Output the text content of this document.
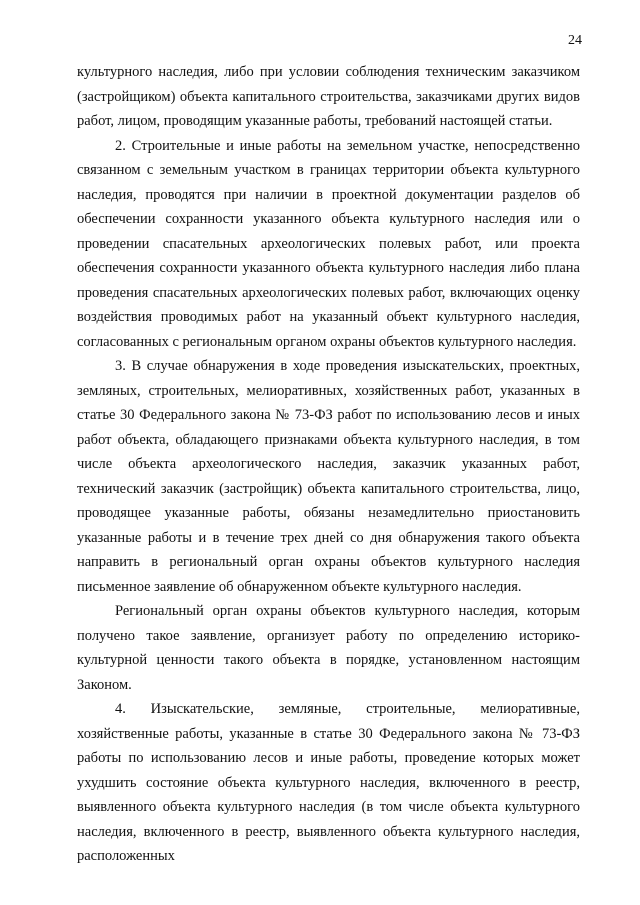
24

культурного наследия, либо при условии соблюдения техническим заказчиком (застройщиком) объекта капитального строительства, заказчиками других видов работ, лицом, проводящим указанные работы, требований настоящей статьи.

2. Строительные и иные работы на земельном участке, непосредственно связанном с земельным участком в границах территории объекта культурного наследия, проводятся при наличии в проектной документации разделов об обеспечении сохранности указанного объекта культурного наследия или о проведении спасательных археологических полевых работ, или проекта обеспечения сохранности указанного объекта культурного наследия либо плана проведения спасательных археологических полевых работ, включающих оценку воздействия проводимых работ на указанный объект культурного наследия, согласованных с региональным органом охраны объектов культурного наследия.

3. В случае обнаружения в ходе проведения изыскательских, проектных, земляных, строительных, мелиоративных, хозяйственных работ, указанных в статье 30 Федерального закона № 73-ФЗ работ по использованию лесов и иных работ объекта, обладающего признаками объекта культурного наследия, в том числе объекта археологического наследия, заказчик указанных работ, технический заказчик (застройщик) объекта капитального строительства, лицо, проводящее указанные работы, обязаны незамедлительно приостановить указанные работы и в течение трех дней со дня обнаружения такого объекта направить в региональный орган охраны объектов культурного наследия письменное заявление об обнаруженном объекте культурного наследия.

Региональный орган охраны объектов культурного наследия, которым получено такое заявление, организует работу по определению историко-культурной ценности такого объекта в порядке, установленном настоящим Законом.

4. Изыскательские, земляные, строительные, мелиоративные, хозяйственные работы, указанные в статье 30 Федерального закона № 73-ФЗ работы по использованию лесов и иные работы, проведение которых может ухудшить состояние объекта культурного наследия, включенного в реестр, выявленного объекта культурного наследия (в том числе объекта культурного наследия, включенного в реестр, выявленного объекта культурного наследия, расположенных
